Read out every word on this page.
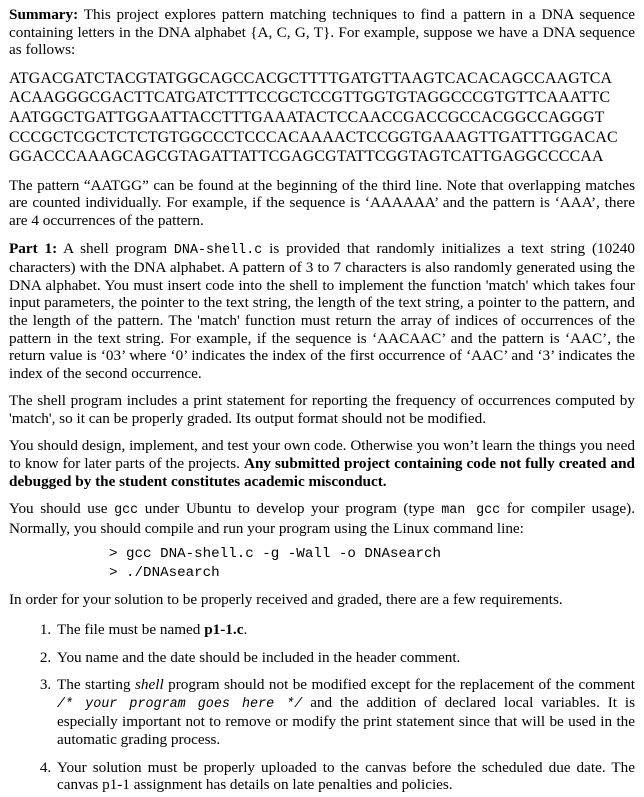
Summary: This project explores pattern matching techniques to find a pattern in a DNA sequence containing letters in the DNA alphabet {A, C, G, T}. For example, suppose we have a DNA sequence as follows:

ATGACGATCTACGTATGGCAGCCACGCTTTTGATGTTAAGTCACACAGCCAAGTCA
ACAAGGGCGACTTCATGATCTTTCCGCTCCGTTGGTGTAGGCCCGTGTTCAAATTC
AATGGCTGATTGGAATTACCTTTGAAATACTCCAACCGACCGCCACGGCCAGGGT
CCCGCTCGCTCTCTGTGGCCCTCCCACAAAACTCCGGTGAAAGTTGATTTGGACAC
GGACCCAAAGCAGCGTAGATTATTCGAGCGTATTCGGTAGTCATTGAGGCCCCAA

The pattern “AATGG” can be found at the beginning of the third line. Note that overlapping matches are counted individually. For example, if the sequence is ‘AAAAAA’ and the pattern is ‘AAA’, there are 4 occurrences of the pattern.

Part 1: A shell program DNA-shell.c is provided that randomly initializes a text string (10240 characters) with the DNA alphabet. A pattern of 3 to 7 characters is also randomly generated using the DNA alphabet. You must insert code into the shell to implement the function 'match' which takes four input parameters, the pointer to the text string, the length of the text string, a pointer to the pattern, and the length of the pattern. The 'match' function must return the array of indices of occurrences of the pattern in the text string. For example, if the sequence is ‘AACAAC’ and the pattern is ‘AAC’, the return value is ‘03’ where ‘0’ indicates the index of the first occurrence of ‘AAC’ and ‘3’ indicates the index of the second occurrence.

The shell program includes a print statement for reporting the frequency of occurrences computed by 'match', so it can be properly graded. Its output format should not be modified.

You should design, implement, and test your own code. Otherwise you won’t learn the things you need to know for later parts of the projects. Any submitted project containing code not fully created and debugged by the student constitutes academic misconduct.

You should use gcc under Ubuntu to develop your program (type man gcc for compiler usage). Normally, you should compile and run your program using the Linux command line:

> gcc DNA-shell.c -g -Wall -o DNAsearch
> ./DNAsearch

In order for your solution to be properly received and graded, there are a few requirements.

1. The file must be named p1-1.c.
2. You name and the date should be included in the header comment.
3. The starting shell program should not be modified except for the replacement of the comment /* your program goes here */ and the addition of declared local variables. It is especially important not to remove or modify the print statement since that will be used in the automatic grading process.
4. Your solution must be properly uploaded to the canvas before the scheduled due date. The canvas p1-1 assignment has details on late penalties and policies.
